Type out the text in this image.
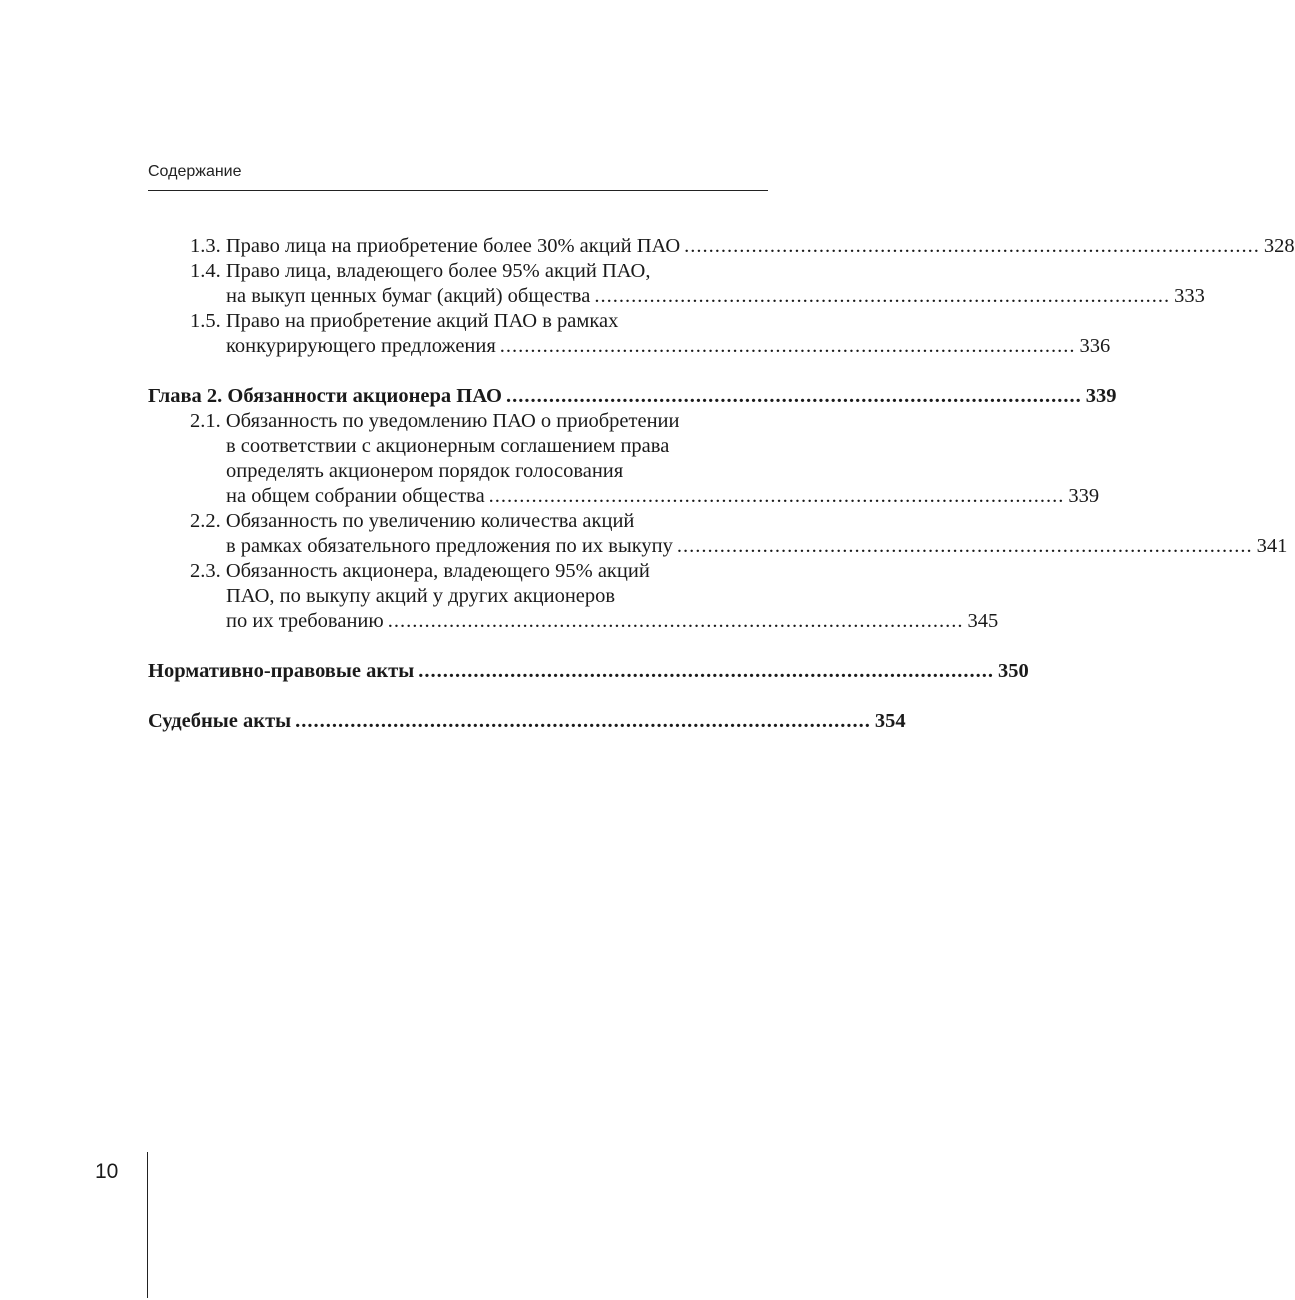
Содержание
1.3. Право лица на приобретение более 30% акций ПАО .............................................................................................. 328
1.4. Право лица, владеющего более 95% акций ПАО,
на выкуп ценных бумаг (акций) общества .............................................................................................. 333
1.5. Право на приобретение акций ПАО в рамках
конкурирующего предложения .............................................................................................. 336
Глава 2. Обязанности акционера ПАО .............................................................................................. 339
2.1. Обязанность по уведомлению ПАО о приобретении
в соответствии с акционерным соглашением права
определять акционером порядок голосования
на общем собрании общества .............................................................................................. 339
2.2. Обязанность по увеличению количества акций
в рамках обязательного предложения по их выкупу .............................................................................................. 341
2.3. Обязанность акционера, владеющего 95% акций
ПАО, по выкупу акций у других акционеров
по их требованию .............................................................................................. 345
Нормативно-правовые акты .............................................................................................. 350
Судебные акты .............................................................................................. 354
10
